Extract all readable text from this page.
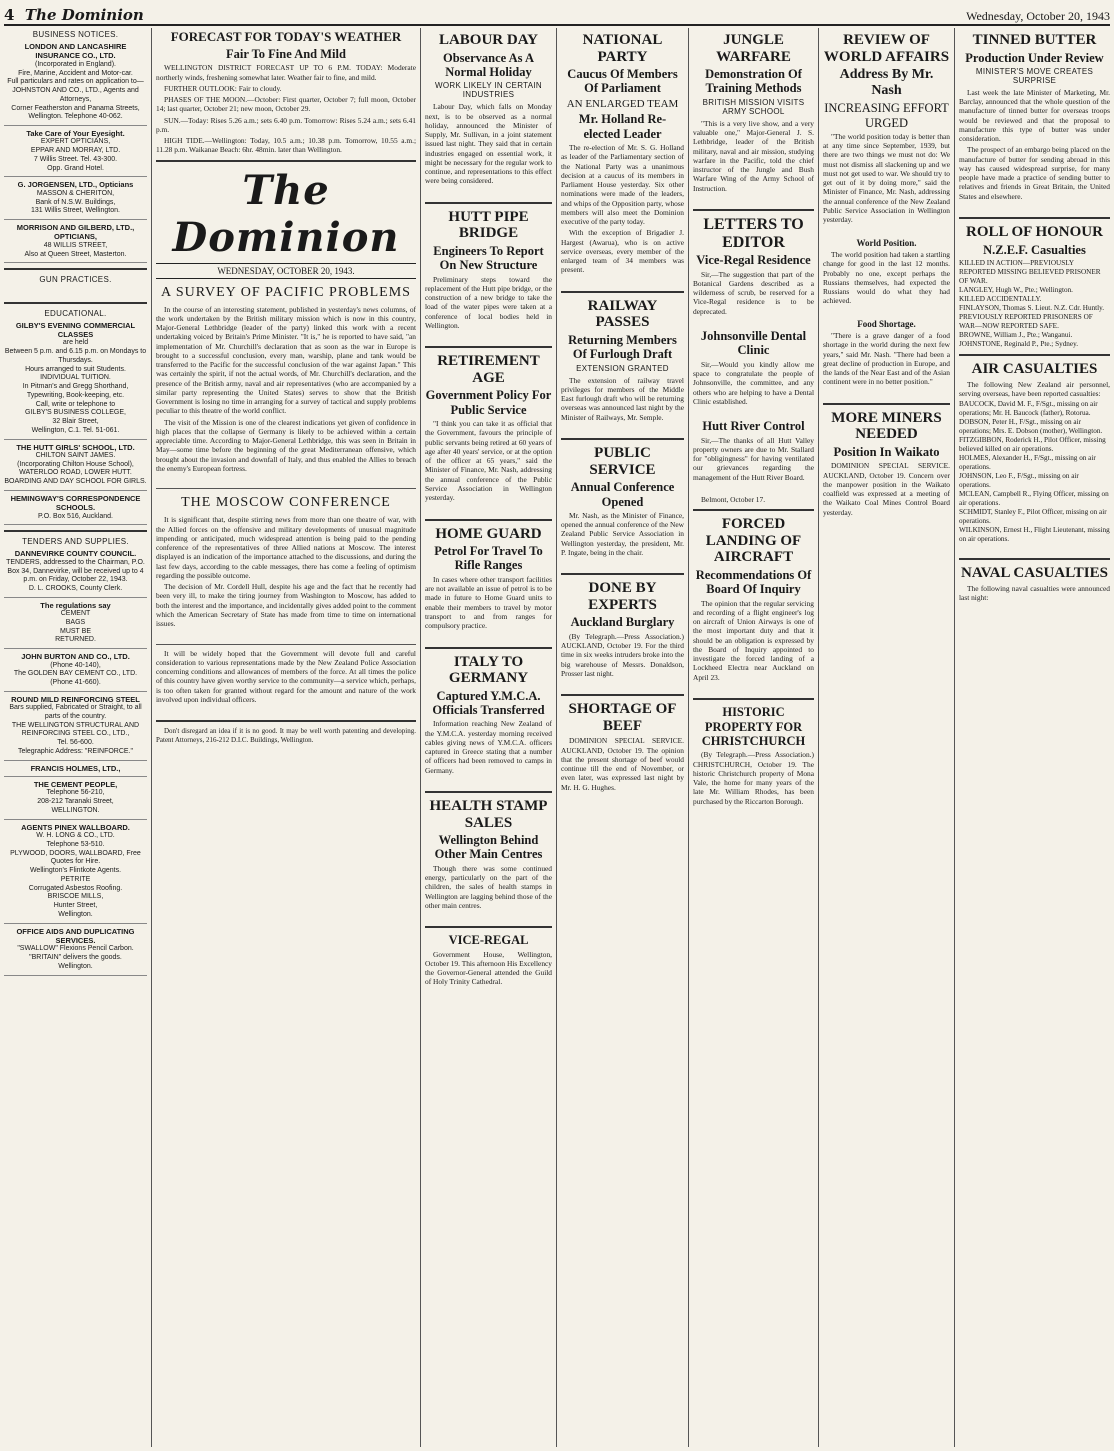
4 The Dominion	Wednesday, October 20, 1943
BUSINESS NOTICES.
LONDON AND LANCASHIRE INSURANCE CO., LTD.
(Incorporated in England).
Fire, Marine, Accident and Motor-car.
Full particulars and rates on application to—
JOHNSTON AND CO., LTD., Agents and Attorneys,
Corner Featherston and Panama Streets, Wellington. Telephone 40-062.
Take Care of Your Eyesight.
EXPERT OPTICIANS,
EPPAR AND MORRAY, LTD.
7 Willis Street. Tel. 43-300.
Opp. Grand Hotel.
G. JORGENSEN, LTD., Opticians
MASSON & CHERITON,
Bank of N.S.W. Buildings,
131 Willis Street, Wellington.
MORRISON AND GILBERD, LTD., OPTICIANS,
48 WILLIS STREET,
Also at Queen Street, Masterton.
GUN PRACTICES.

EDUCATIONAL.
GILBY'S EVENING COMMERCIAL CLASSES
are held
Between 5 p.m. and 6.15 p.m. on Mondays to Thursdays.
Hours arranged to suit Students.
INDIVIDUAL TUITION.
In Pitman's and Gregg Shorthand, Typewriting, Book-keeping, etc.
Call, write or telephone to
GILBY'S BUSINESS COLLEGE,
32 Blair Street,
Wellington, C.1. Tel. 51-061.
THE HUTT GIRLS' SCHOOL, LTD.
CHILTON SAINT JAMES.
(Incorporating Chilton House School),
WATERLOO ROAD, LOWER HUTT.
BOARDING AND DAY SCHOOL FOR GIRLS.
HEMINGWAY'S CORRESPONDENCE SCHOOLS.
P.O. Box 516, Auckland.
TENDERS AND SUPPLIES.
DANNEVIRKE COUNTY COUNCIL.
TENDERS, addressed to the Chairman, P.O. Box 34, Dannevirke, will be received up to 4 p.m. on Friday, October 22, 1943.
D. L. CROOKS, County Clerk.
The regulations say
CEMENT
BAGS
MUST BE
RETURNED.
JOHN BURTON AND CO., LTD.
(Phone 40-140),
The GOLDEN BAY CEMENT CO., LTD.
(Phone 41-660).
ROUND MILD REINFORCING STEEL
Bars supplied, Fabricated or Straight, to all parts of the country.
THE WELLINGTON STRUCTURAL AND REINFORCING STEEL CO., LTD.,
Tel. 56-600.
Telegraphic Address: "REINFORCE."
FRANCIS HOLMES, LTD.,
THE CEMENT PEOPLE,
Telephone 56-210,
208-212 Taranaki Street,
WELLINGTON.
AGENTS PINEX WALLBOARD.
W. H. LONG & CO., LTD.
Telephone 53-510.
PLYWOOD, DOORS, WALLBOARD, Free Quotes for Hire.
Wellington's Flintkote Agents.
PETRITE
Corrugated Asbestos Roofing.
BRISCOE MILLS,
Hunter Street,
Wellington.
OFFICE AIDS AND DUPLICATING SERVICES.
"SWALLOW" Flexions Pencil Carbon.
"BRITAIN" delivers the goods.
Wellington.
FORECAST FOR TODAY'S WEATHER
Fair To Fine And Mild

WELLINGTON DISTRICT FORECAST UP TO 6 P.M. TODAY: Moderate northerly winds, freshening somewhat later. Weather fair to fine, and mild.

FURTHER OUTLOOK: Fair to cloudy.

PHASES OF THE MOON.—October: First quarter, October 7; full moon, October 14; last quarter, October 21; new moon, October 29.

SUN.—Today: Rises 5.26 a.m.; sets 6.40 p.m. Tomorrow: Rises 5.24 a.m.; sets 6.41 p.m.

HIGH TIDE.—Wellington: Today, 10.5 a.m.; 10.38 p.m. Tomorrow, 10.55 a.m.; 11.28 p.m. Waikanae Beach: 6hr. 48min. later than Wellington.

The Dominion
WEDNESDAY, OCTOBER 20, 1943.
A SURVEY OF PACIFIC PROBLEMS

In the course of an interesting statement, published in yesterday's news columns, of the work undertaken by the British military mission which is now in this country, Major-General Lethbridge (leader of the party) linked this work with a recent undertaking voiced by Britain's Prime Minister. "It is," he is reported to have said, "an implementation of Mr. Churchill's declaration that as soon as the war in Europe is brought to a successful conclusion, every man, warship, plane and tank would be transferred to the Pacific for the successful conclusion of the war against Japan." This was certainly the spirit, if not the actual words, of Mr. Churchill's declaration, and the presence of the British army, naval and air representatives (who are accompanied by a similar party representing the United States) serves to show that the British Government is losing no time in arranging for a survey of tactical and supply problems peculiar to this theatre of the world conflict.

The visit of the Mission is one of the clearest indications yet given of confidence in high places that the collapse of Germany is likely to be achieved within a certain appreciable time. According to Major-General Lethbridge, this was seen in Britain in May—some time before the beginning of the great Mediterranean offensive, which brought about the invasion and downfall of Italy, and thus enabled the Allies to breach the enemy's European fortress.

THE MOSCOW CONFERENCE

It is significant that, despite stirring news from more than one theatre of war, with the Allied forces on the offensive and military developments of unusual magnitude impending or anticipated, much widespread attention is being paid to the pending conference of the representatives of three Allied nations at Moscow. The interest displayed is an indication of the importance attached to the discussions, and during the last few days, according to the cable messages, there has come a feeling of optimism regarding the possible outcome.

The decision of Mr. Cordell Hull, despite his age and the fact that he recently had been very ill, to make the tiring journey from Washington to Moscow, has added to both the interest and the importance, and incidentally gives added point to the comment which the American Secretary of State has made from time to time on international issues.

It will be widely hoped that the Government will devote full and careful consideration to various representations made by the New Zealand Police Association concerning conditions and allowances of members of the force. At all times the police of this country have given worthy service to the community—a service which, perhaps, is too often taken for granted without regard for the amount and nature of the work involved upon individual officers.

Don't disregard an idea if it is no good. It may be well worth patenting and developing. Patent Attorneys, 216-212 D.I.C. Buildings, Wellington.

LABOUR DAY
Observance As A Normal Holiday
WORK LIKELY IN CERTAIN INDUSTRIES

Labour Day, which falls on Monday next, is to be observed as a normal holiday, announced the Minister of Supply, Mr. Sullivan, in a joint statement issued last night. They said that in certain industries engaged on essential work, it might be necessary for the regular work to continue, and representations to this effect were being considered.

HUTT PIPE BRIDGE
Engineers To Report On New Structure

Preliminary steps toward the replacement of the Hutt pipe bridge, or the construction of a new bridge to take the load of the water pipes were taken at a conference of local bodies held in Wellington.

RETIREMENT AGE
Government Policy For Public Service

"I think you can take it as official that the Government, favours the principle of public servants being retired at 60 years of age after 40 years' service, or at the option of the officer at 65 years," said the Minister of Finance, Mr. Nash, addressing the annual conference of the Public Service Association in Wellington yesterday.

HOME GUARD
Petrol For Travel To Rifle Ranges

In cases where other transport facilities are not available an issue of petrol is to be made in future to Home Guard units to enable their members to travel by motor transport to and from ranges for compulsory practice.

ITALY TO GERMANY
Captured Y.M.C.A. Officials Transferred

Information reaching New Zealand of the Y.M.C.A. yesterday morning received cables giving news of Y.M.C.A. officers captured in Greece stating that a number of officers had been removed to camps in Germany.

HEALTH STAMP SALES
Wellington Behind Other Main Centres

Though there was some continued energy, particularly on the part of the children, the sales of health stamps in Wellington are lagging behind those of the other main centres.

VICE-REGAL

Government House, Wellington, October 19. This afternoon His Excellency the Governor-General attended the Guild of Holy Trinity Cathedral.

NATIONAL PARTY
Caucus Of Members Of Parliament
AN ENLARGED TEAM
Mr. Holland Re-elected Leader

The re-election of Mr. S. G. Holland as leader of the Parliamentary section of the National Party was a unanimous decision at a caucus of its members in Parliament House yesterday. Six other nominations were made of the leaders, and whips of the Opposition party, whose members will also meet the Dominion executive of the party today.

With the exception of Brigadier J. Hargest (Awarua), who is on active service overseas, every member of the enlarged team of 34 members was present.

RAILWAY PASSES
Returning Members Of Furlough Draft
EXTENSION GRANTED

The extension of railway travel privileges for members of the Middle East furlough draft who will be returning overseas was announced last night by the Minister of Railways, Mr. Semple.

PUBLIC SERVICE
Annual Conference Opened

Mr. Nash, as the Minister of Finance, opened the annual conference of the New Zealand Public Service Association in Wellington yesterday, the president, Mr. P. Ingate, being in the chair.

DONE BY EXPERTS
Auckland Burglary

(By Telegraph.—Press Association.) AUCKLAND, October 19. For the third time in six weeks intruders broke into the big warehouse of Messrs. Donaldson, Prosser last night.

SHORTAGE OF BEEF

DOMINION SPECIAL SERVICE. AUCKLAND, October 19. The opinion that the present shortage of beef would continue till the end of November, or even later, was expressed last night by Mr. H. G. Hughes.

JUNGLE WARFARE
Demonstration Of Training Methods
BRITISH MISSION VISITS ARMY SCHOOL

"This is a very live show, and a very valuable one," Major-General J. S. Lethbridge, leader of the British military, naval and air mission, studying warfare in the Pacific, told the chief instructor of the Jungle and Bush Warfare Wing of the Army School of Instruction.

LETTERS TO EDITOR
Vice-Regal Residence

Sir,—The suggestion that part of the Botanical Gardens described as a wilderness of scrub, be reserved for a Vice-Regal residence is to be deprecated.

Johnsonville Dental Clinic

Sir,—Would you kindly allow me space to congratulate the people of Johnsonville, the committee, and any others who are helping to have a Dental Clinic established.

Hutt River Control

Sir,—The thanks of all Hutt Valley property owners are due to Mr. Stallard for "obligingness" for having ventilated our grievances regarding the management of the Hutt River Board.

Belmont, October 17.

FORCED LANDING OF AIRCRAFT
Recommendations Of Board Of Inquiry

The opinion that the regular servicing and recording of a flight engineer's log on aircraft of Union Airways is one of the most important duty and that it should be an obligation is expressed by the Board of Inquiry appointed to investigate the forced landing of a Lockheed Electra near Auckland on April 23.

HISTORIC PROPERTY FOR CHRISTCHURCH

(By Telegraph.—Press Association.) CHRISTCHURCH, October 19. The historic Christchurch property of Mona Vale, the home for many years of the late Mr. William Rhodes, has been purchased by the Riccarton Borough.

REVIEW OF WORLD AFFAIRS
Address By Mr. Nash
INCREASING EFFORT URGED

"The world position today is better than at any time since September, 1939, but there are two things we must not do: We must not dismiss all slackening up and we must not get used to war. We should try to get out of it by doing more," said the Minister of Finance, Mr. Nash, addressing the annual conference of the New Zealand Public Service Association in Wellington yesterday.

World Position.

The world position had taken a startling change for good in the last 12 months. Probably no one, except perhaps the Russians themselves, had expected the Russians would do what they had achieved.

Food Shortage.

"There is a grave danger of a food shortage in the world during the next few years," said Mr. Nash. "There had been a great decline of production in Europe, and the lands of the Near East and of the Asian continent were in no better position."

MORE MINERS NEEDED
Position In Waikato

DOMINION SPECIAL SERVICE. AUCKLAND, October 19. Concern over the manpower position in the Waikato coalfield was expressed at a meeting of the Waikato Coal Mines Control Board yesterday.

TINNED BUTTER
Production Under Review
MINISTER'S MOVE CREATES SURPRISE

Last week the late Minister of Marketing, Mr. Barclay, announced that the whole question of the manufacture of tinned butter for overseas troops would be reviewed and that the proposal to manufacture this type of butter was under consideration.

The prospect of an embargo being placed on the manufacture of butter for sending abroad in this way has caused widespread surprise, for many people have made a practice of sending butter to relatives and friends in Great Britain, the United States and elsewhere.

ROLL OF HONOUR
N.Z.E.F. Casualties

KILLED IN ACTION—PREVIOUSLY REPORTED MISSING BELIEVED PRISONER OF WAR.

LANGLEY, Hugh W., Pte.; Wellington.

KILLED ACCIDENTALLY.

FINLAYSON, Thomas S. Lieut. N.Z. Cdr. Huntly.

PREVIOUSLY REPORTED PRISONERS OF WAR—NOW REPORTED SAFE.

BROWNE, William J., Pte.; Wanganui.

JOHNSTONE, Reginald P., Pte.; Sydney.

AIR CASUALTIES

The following New Zealand air personnel, serving overseas, have been reported casualties:

BAUCOCK, David M. F., F/Sgt., missing on air operations; Mr. H. Baucock (father), Rotorua.

DOBSON, Peter H., F/Sgt., missing on air operations; Mrs. E. Dobson (mother), Wellington.

FITZGIBBON, Roderick H., Pilot Officer, missing believed killed on air operations.

HOLMES, Alexander H., F/Sgt., missing on air operations.

JOHNSON, Leo F., F/Sgt., missing on air operations.

MCLEAN, Campbell R., Flying Officer, missing on air operations.

SCHMIDT, Stanley F., Pilot Officer, missing on air operations.

WILKINSON, Ernest H., Flight Lieutenant, missing on air operations.

NAVAL CASUALTIES

The following naval casualties were announced last night:
